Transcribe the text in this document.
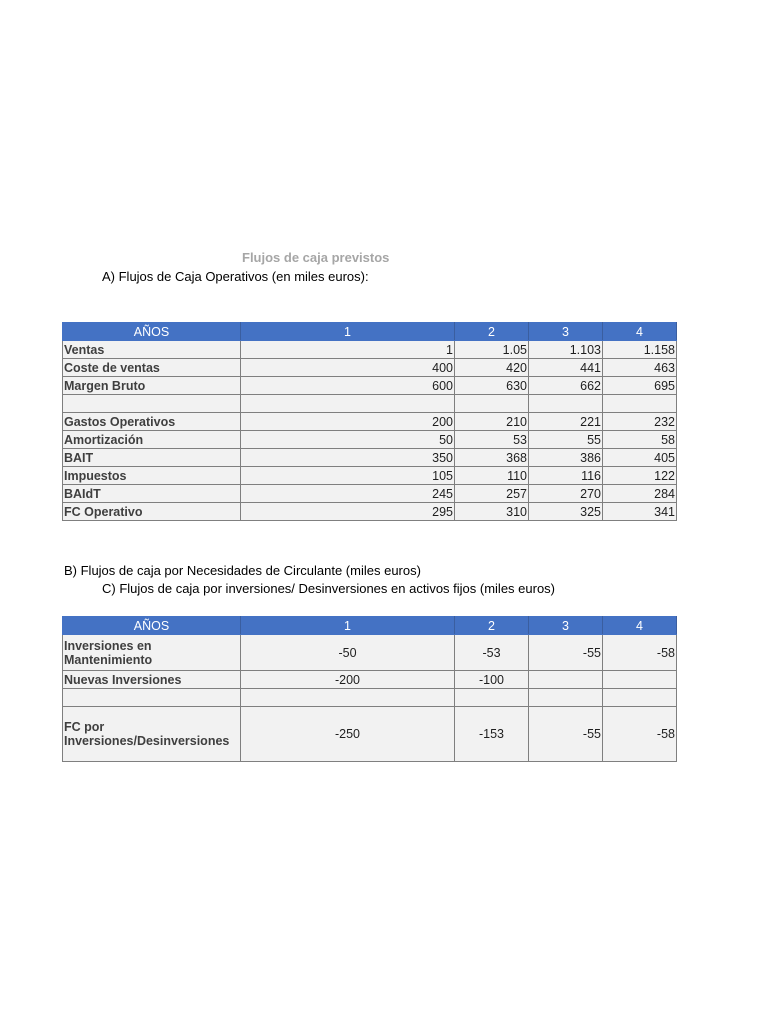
Flujos de caja previstos
A) Flujos de Caja Operativos (en miles euros):
AÑOS	1	2	3	4
Ventas	1	1.05	1.103	1.158
Coste de ventas	400	420	441	463
Margen Bruto	600	630	662	695

Gastos Operativos	200	210	221	232
Amortización	50	53	55	58
BAIT	350	368	386	405
Impuestos	105	110	116	122
BAIdT	245	257	270	284
FC Operativo	295	310	325	341
B) Flujos de caja por Necesidades de Circulante (miles euros)
C) Flujos de caja por inversiones/ Desinversiones en activos fijos (miles euros)
AÑOS	1	2	3	4
Inversiones en Mantenimiento	-50	-53	-55	-58
Nuevas Inversiones	-200	-100		

FC por Inversiones/Desinversiones	-250	-153	-55	-58
